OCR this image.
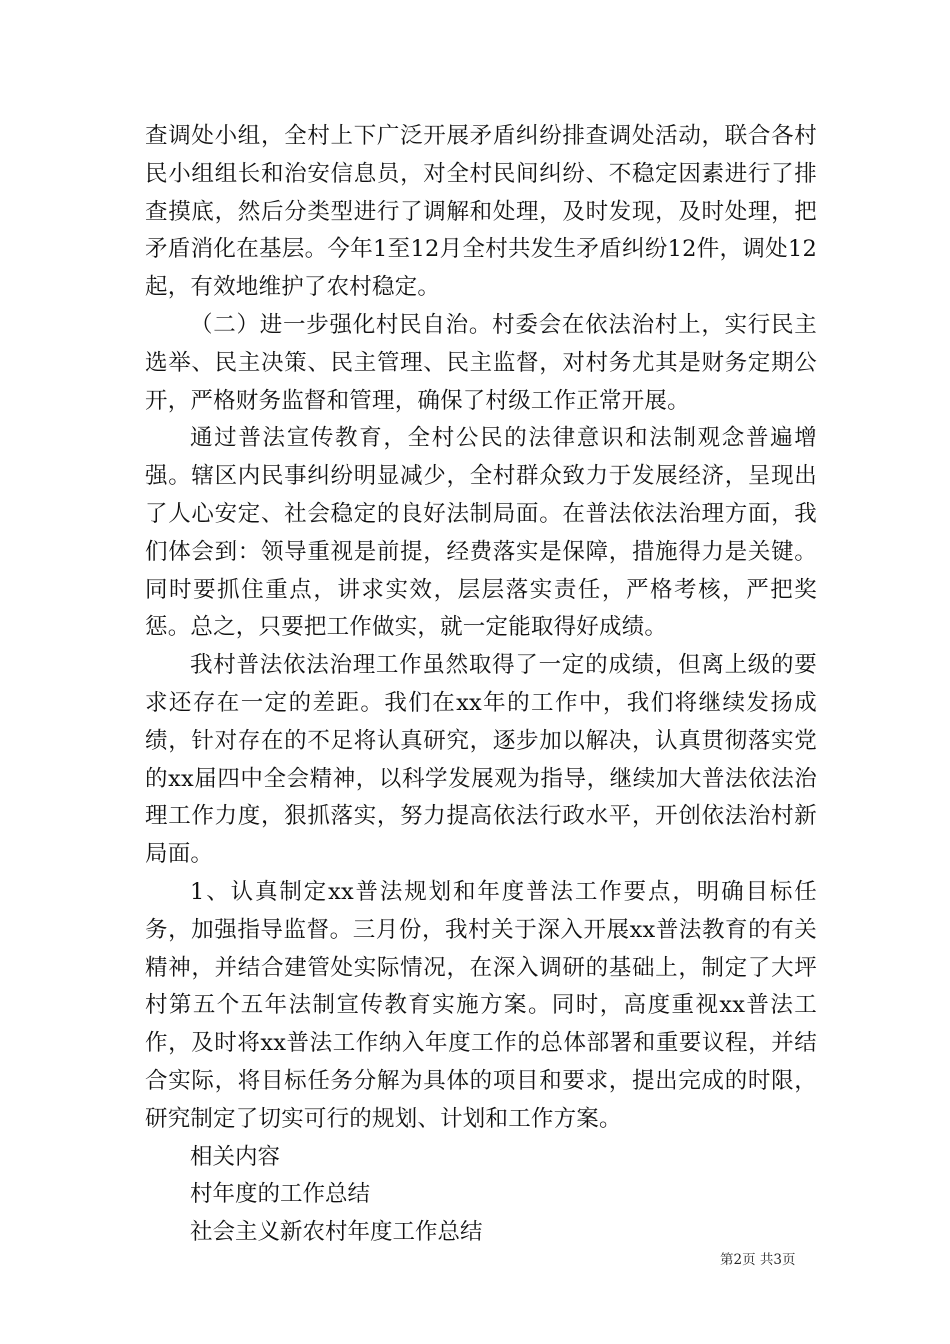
查调处小组，全村上下广泛开展矛盾纠纷排查调处活动，联合各村民小组组长和治安信息员，对全村民间纠纷、不稳定因素进行了排查摸底，然后分类型进行了调解和处理，及时发现，及时处理，把矛盾消化在基层。今年1至12月全村共发生矛盾纠纷12件，调处12起，有效地维护了农村稳定。

（二）进一步强化村民自治。村委会在依法治村上，实行民主选举、民主决策、民主管理、民主监督，对村务尤其是财务定期公开，严格财务监督和管理，确保了村级工作正常开展。

通过普法宣传教育，全村公民的法律意识和法制观念普遍增强。辖区内民事纠纷明显减少，全村群众致力于发展经济，呈现出了人心安定、社会稳定的良好法制局面。在普法依法治理方面，我们体会到：领导重视是前提，经费落实是保障，措施得力是关键。同时要抓住重点，讲求实效，层层落实责任，严格考核，严把奖惩。总之，只要把工作做实，就一定能取得好成绩。

我村普法依法治理工作虽然取得了一定的成绩，但离上级的要求还存在一定的差距。我们在xx年的工作中，我们将继续发扬成绩，针对存在的不足将认真研究，逐步加以解决，认真贯彻落实党的xx届四中全会精神，以科学发展观为指导，继续加大普法依法治理工作力度，狠抓落实，努力提高依法行政水平，开创依法治村新局面。

1、认真制定xx普法规划和年度普法工作要点，明确目标任务，加强指导监督。三月份，我村关于深入开展xx普法教育的有关精神，并结合建管处实际情况，在深入调研的基础上，制定了大坪村第五个五年法制宣传教育实施方案。同时，高度重视xx普法工作，及时将xx普法工作纳入年度工作的总体部署和重要议程，并结合实际，将目标任务分解为具体的项目和要求，提出完成的时限，研究制定了切实可行的规划、计划和工作方案。

相关内容

村年度的工作总结

社会主义新农村年度工作总结

第2页 共3页
